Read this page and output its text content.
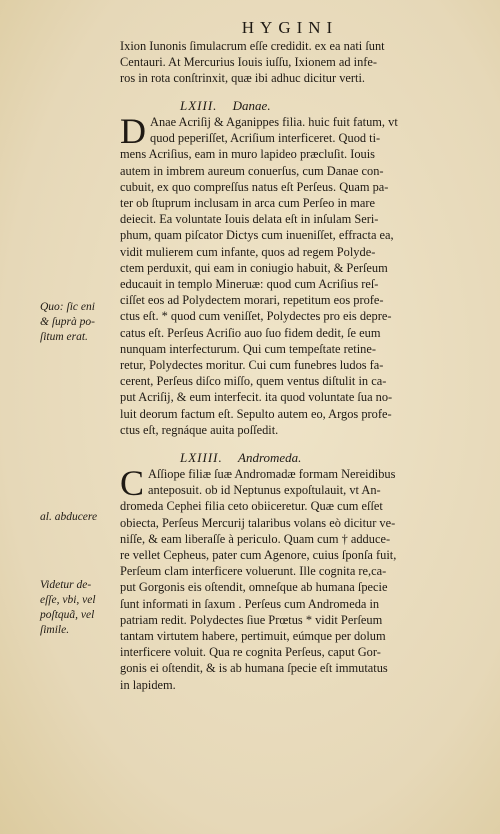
HYGINI
Ixion Iunonis ſimulacrum eſſe credidit. ex ea nati ſunt
Centauri. At Mercurius Iouis iuſſu, Ixionem ad infe-
ros in rota conſtrinxit, quæ ibi adhuc dicitur verti.
LXIII. Danae.
D Anae Acriſij & Aganippes filia. huic fuit fatum, vt
quod peperiſſet, Acriſium interficeret. Quod ti-
mens Acriſius, eam in muro lapideo præcluſit. Iouis
autem in imbrem aureum conuerſus, cum Danae con-
cubuit, ex quo compreſſus natus eſt Perſeus. Quam pa-
ter ob ſtuprum inclusam in arca cum Perſeo in mare
deiecit. Ea voluntate Iouis delata eſt in inſulam Seri-
phum, quam piſcator Dictys cum inueniſſet, effracta ea,
vidit mulierem cum infante, quos ad regem Polyde-
ctem perduxit, qui eam in coniugio habuit, & Perſeum
educauit in templo Mineruæ: quod cum Acriſius reſ-
ciſſet eos ad Polydectem morari, repetitum eos profe-
ctus eſt. * quod cum veniſſet, Polydectes pro eis depre-
catus eſt. Perſeus Acriſio auo ſuo fidem dedit, ſe eum
nunquam interfecturum. Qui cum tempeſtate retine-
retur, Polydectes moritur. Cui cum funebres ludos fa-
cerent, Perſeus diſco miſſo, quem ventus diſtulit in ca-
put Acriſij, & eum interfecit. ita quod voluntate ſua no-
luit deorum factum eſt. Sepulto autem eo, Argos profe-
ctus eſt, regnáque auita poſſedit.
LXIIII. Andromeda.
C Aſſiope filiæ ſuæ Andromadæ formam Nereidibus
anteposuit. ob id Neptunus expoſtulauit, vt An-
dromeda Cephei filia ceto obiiceretur. Quæ cum eſſet
obiecta, Perſeus Mercurij talaribus volans eò dicitur ve-
niſſe, & eam liberaſſe à periculo. Quam cum † adduce-
re vellet Cepheus, pater cum Agenore, cuius ſponſa fuit,
Perſeum clam interficere voluerunt. Ille cognita re,ca-
put Gorgonis eis oſtendit, omneſque ab humana ſpecie
ſunt informati in ſaxum . Perſeus cum Andromeda in
patriam redit. Polydectes ſiue Prœtus * vidit Perſeum
tantam virtutem habere, pertimuit, eúmque per dolum
interficere voluit. Qua re cognita Perſeus, caput Gor-
gonis ei oſtendit, & is ab humana ſpecie eſt immutatus
in lapidem.
Quo: ſic eni
& ſuprà po-
ſitum erat.
al. abducere
Videtur de-
eſſe, vbi, vel
poſtquã, vel
ſimile.
